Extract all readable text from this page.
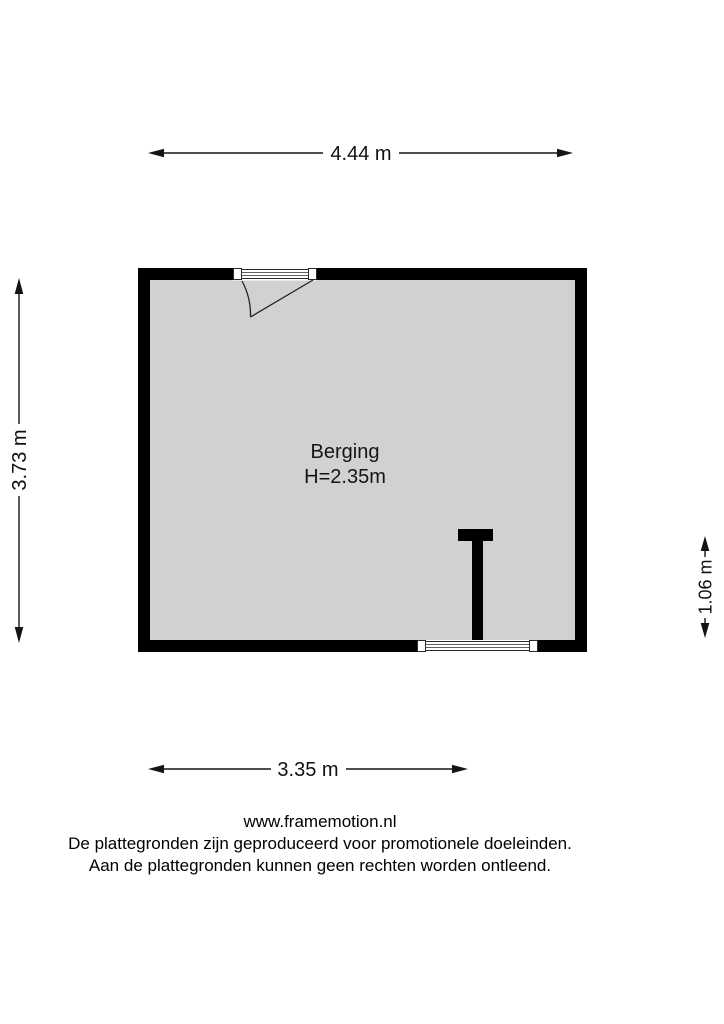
4.44 m
3.73 m
1.06 m
Berging
H=2.35m
3.35 m
www.framemotion.nl
De plattegronden zijn geproduceerd voor promotionele doeleinden.
Aan de plattegronden kunnen geen rechten worden ontleend.
